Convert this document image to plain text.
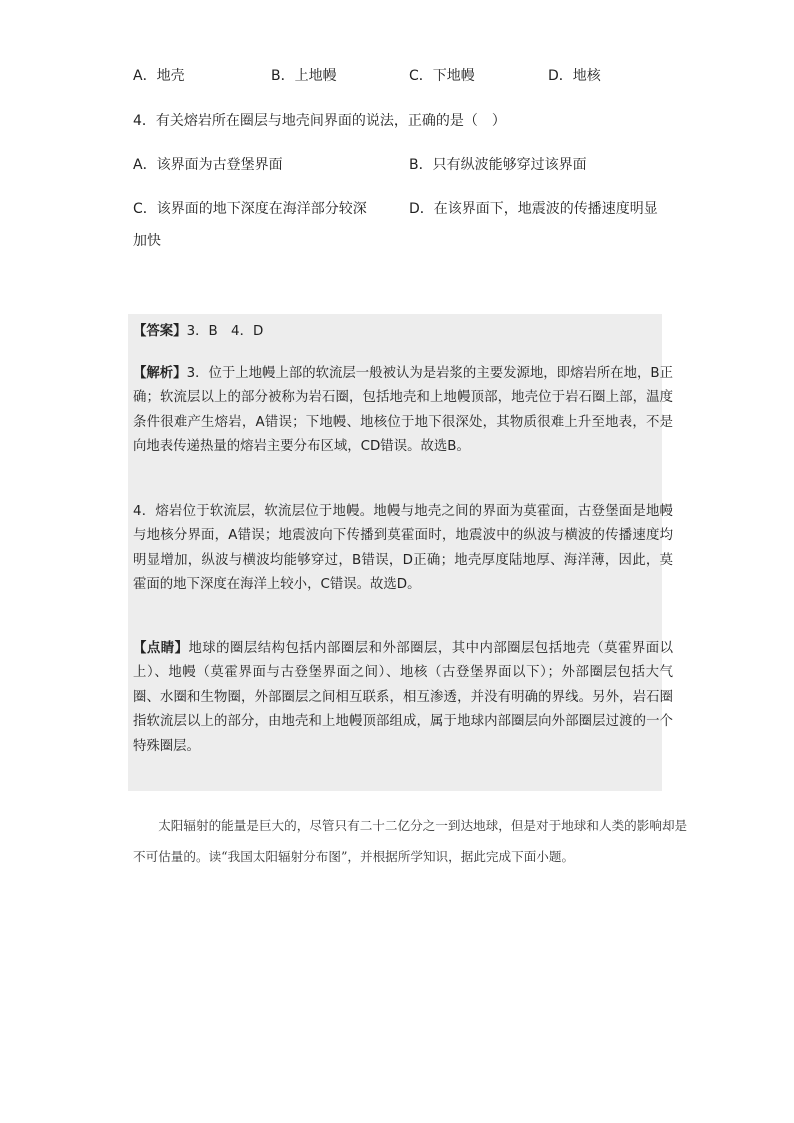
A．地壳	B．上地幔	C．下地幔	D．地核
4．有关熔岩所在圈层与地壳间界面的说法，正确的是（　）
A．该界面为古登堡界面	B．只有纵波能够穿过该界面
C．该界面的地下深度在海洋部分较深	D．在该界面下，地震波的传播速度明显
加快

【答案】3．B　4．D

【解析】3．位于上地幔上部的软流层一般被认为是岩浆的主要发源地，即熔岩所在地，B正确；软流层以上的部分被称为岩石圈，包括地壳和上地幔顶部，地壳位于岩石圈上部，温度条件很难产生熔岩，A错误；下地幔、地核位于地下很深处，其物质很难上升至地表，不是向地表传递热量的熔岩主要分布区域，CD错误。故选B。

4．熔岩位于软流层，软流层位于地幔。地幔与地壳之间的界面为莫霍面，古登堡面是地幔与地核分界面，A错误；地震波向下传播到莫霍面时，地震波中的纵波与横波的传播速度均明显增加，纵波与横波均能够穿过，B错误，D正确；地壳厚度陆地厚、海洋薄，因此，莫霍面的地下深度在海洋上较小，C错误。故选D。

【点睛】地球的圈层结构包括内部圈层和外部圈层，其中内部圈层包括地壳（莫霍界面以上）、地幔（莫霍界面与古登堡界面之间）、地核（古登堡界面以下）；外部圈层包括大气圈、水圈和生物圈，外部圈层之间相互联系，相互渗透，并没有明确的界线。另外，岩石圈指软流层以上的部分，由地壳和上地幔顶部组成，属于地球内部圈层向外部圈层过渡的一个特殊圈层。

　　太阳辐射的能量是巨大的，尽管只有二十二亿分之一到达地球，但是对于地球和人类的影响却是不可估量的。读“我国太阳辐射分布图”，并根据所学知识，据此完成下面小题。
